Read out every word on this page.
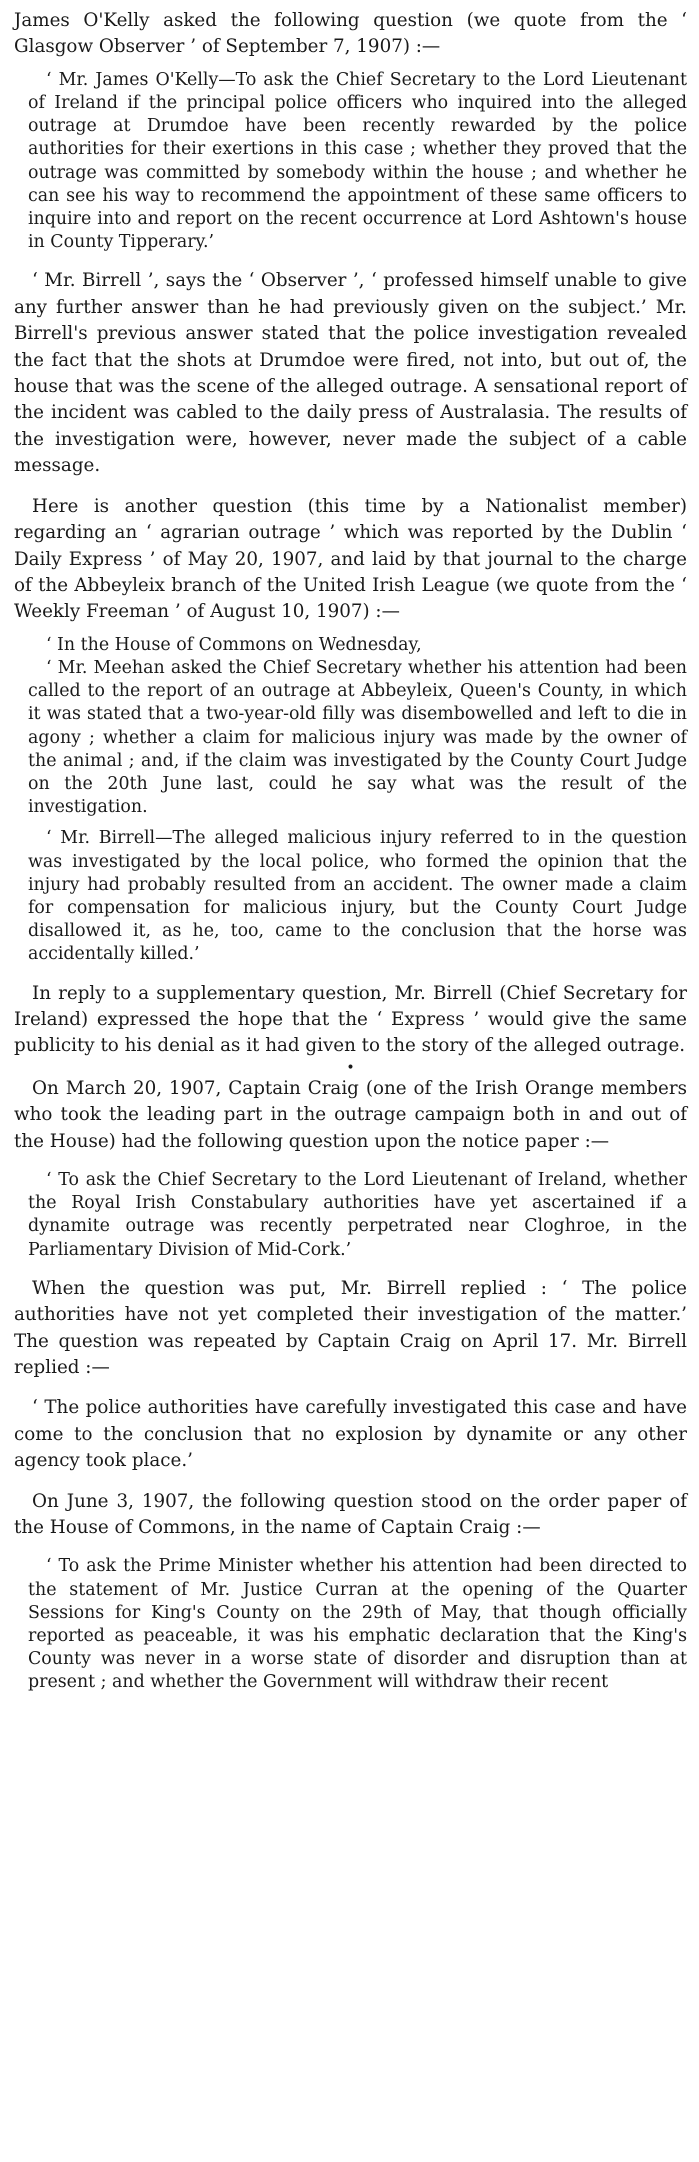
James O'Kelly asked the following question (we quote from the ‘ Glasgow Observer ’ of September 7, 1907) :—

‘ Mr. James O'Kelly—To ask the Chief Secretary to the Lord Lieutenant of Ireland if the principal police officers who inquired into the alleged outrage at Drumdoe have been recently rewarded by the police authorities for their exertions in this case ; whether they proved that the outrage was committed by somebody within the house ; and whether he can see his way to recommend the appointment of these same officers to inquire into and report on the recent occurrence at Lord Ashtown's house in County Tipperary.’

‘ Mr. Birrell ’, says the ‘ Observer ’, ‘ professed himself unable to give any further answer than he had previously given on the subject.’ Mr. Birrell's previous answer stated that the police investigation revealed the fact that the shots at Drumdoe were fired, not into, but out of, the house that was the scene of the alleged outrage. A sensational report of the incident was cabled to the daily press of Australasia. The results of the investigation were, however, never made the subject of a cable message.

Here is another question (this time by a Nationalist member) regarding an ‘ agrarian outrage ’ which was reported by the Dublin ‘ Daily Express ’ of May 20, 1907, and laid by that journal to the charge of the Abbeyleix branch of the United Irish League (we quote from the ‘ Weekly Freeman ’ of August 10, 1907) :—

‘ In the House of Commons on Wednesday,

‘ Mr. Meehan asked the Chief Secretary whether his attention had been called to the report of an outrage at Abbeyleix, Queen's County, in which it was stated that a two-year-old filly was disembowelled and left to die in agony ; whether a claim for malicious injury was made by the owner of the animal ; and, if the claim was investigated by the County Court Judge on the 20th June last, could he say what was the result of the investigation.

‘ Mr. Birrell—The alleged malicious injury referred to in the question was investigated by the local police, who formed the opinion that the injury had probably resulted from an accident. The owner made a claim for compensation for malicious injury, but the County Court Judge disallowed it, as he, too, came to the conclusion that the horse was accidentally killed.’

In reply to a supplementary question, Mr. Birrell (Chief Secretary for Ireland) expressed the hope that the ‘ Express ’ would give the same publicity to his denial as it had given to the story of the alleged outrage.

•

On March 20, 1907, Captain Craig (one of the Irish Orange members who took the leading part in the outrage campaign both in and out of the House) had the following question upon the notice paper :—

‘ To ask the Chief Secretary to the Lord Lieutenant of Ireland, whether the Royal Irish Constabulary authorities have yet ascertained if a dynamite outrage was recently perpetrated near Cloghroe, in the Parliamentary Division of Mid-Cork.’

When the question was put, Mr. Birrell replied : ‘ The police authorities have not yet completed their investigation of the matter.’ The question was repeated by Captain Craig on April 17. Mr. Birrell replied :—

‘ The police authorities have carefully investigated this case and have come to the conclusion that no explosion by dynamite or any other agency took place.’

On June 3, 1907, the following question stood on the order paper of the House of Commons, in the name of Captain Craig :—

‘ To ask the Prime Minister whether his attention had been directed to the statement of Mr. Justice Curran at the opening of the Quarter Sessions for King's County on the 29th of May, that though officially reported as peaceable, it was his emphatic declaration that the King's County was never in a worse state of disorder and disruption than at present ; and whether the Government will withdraw their recent
